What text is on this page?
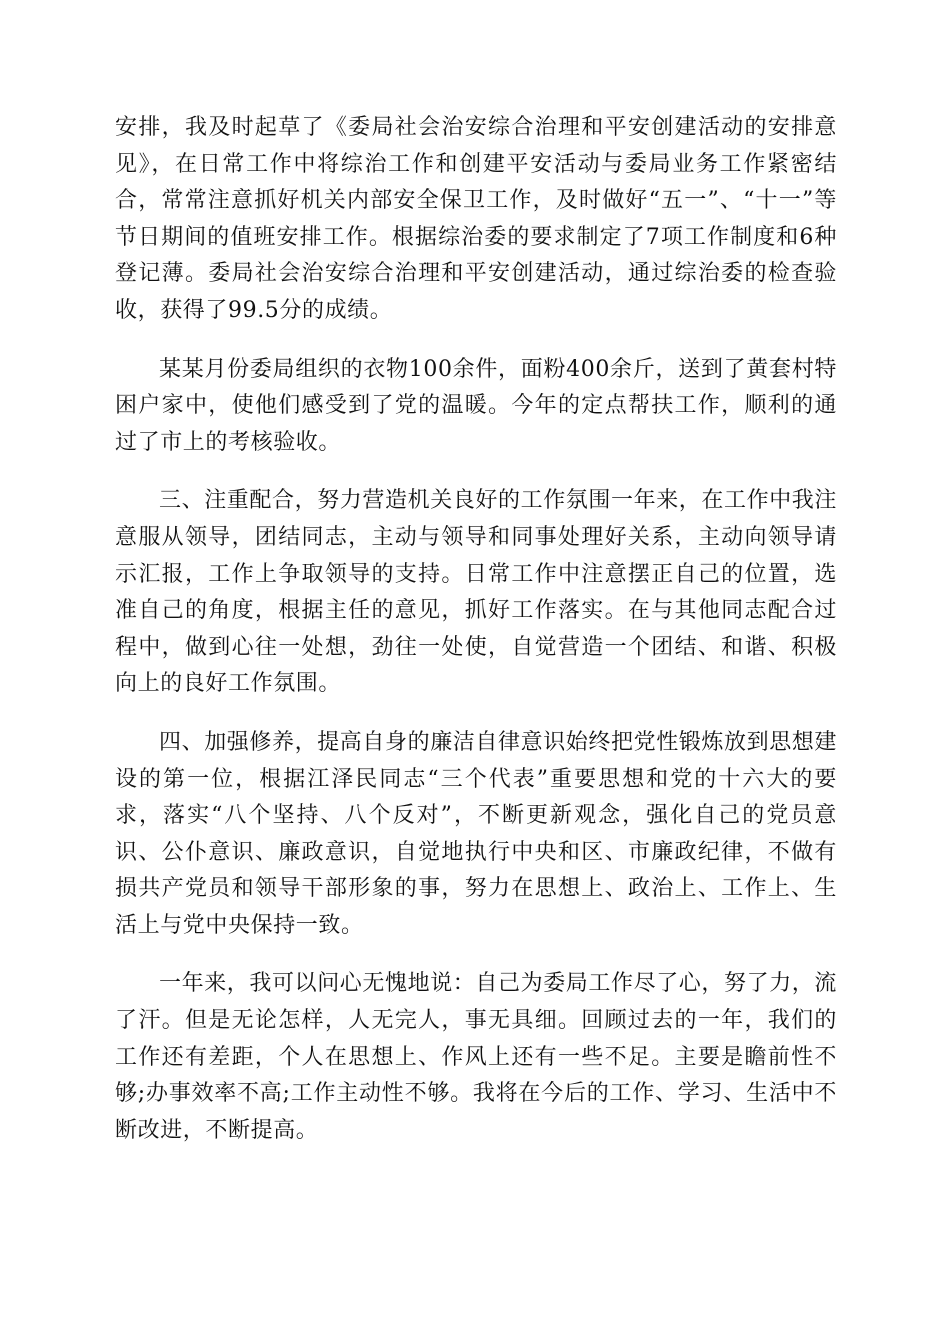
安排，我及时起草了《委局社会治安综合治理和平安创建活动的安排意见》，在日常工作中将综治工作和创建平安活动与委局业务工作紧密结合，常常注意抓好机关内部安全保卫工作，及时做好“五一”、“十一”等节日期间的值班安排工作。根据综治委的要求制定了7项工作制度和6种登记薄。委局社会治安综合治理和平安创建活动，通过综治委的检查验收，获得了99.5分的成绩。

某某月份委局组织的衣物100余件，面粉400余斤，送到了黄套村特困户家中，使他们感受到了党的温暖。今年的定点帮扶工作，顺利的通过了市上的考核验收。

三、注重配合，努力营造机关良好的工作氛围一年来，在工作中我注意服从领导，团结同志，主动与领导和同事处理好关系，主动向领导请示汇报，工作上争取领导的支持。日常工作中注意摆正自己的位置，选准自己的角度，根据主任的意见，抓好工作落实。在与其他同志配合过程中，做到心往一处想，劲往一处使，自觉营造一个团结、和谐、积极向上的良好工作氛围。

四、加强修养，提高自身的廉洁自律意识始终把党性锻炼放到思想建设的第一位，根据江泽民同志“三个代表”重要思想和党的十六大的要求，落实“八个坚持、八个反对”，不断更新观念，强化自己的党员意识、公仆意识、廉政意识，自觉地执行中央和区、市廉政纪律，不做有损共产党员和领导干部形象的事，努力在思想上、政治上、工作上、生活上与党中央保持一致。

一年来，我可以问心无愧地说：自己为委局工作尽了心，努了力，流了汗。但是无论怎样，人无完人，事无具细。回顾过去的一年，我们的工作还有差距，个人在思想上、作风上还有一些不足。主要是瞻前性不够;办事效率不高;工作主动性不够。我将在今后的工作、学习、生活中不断改进，不断提高。
